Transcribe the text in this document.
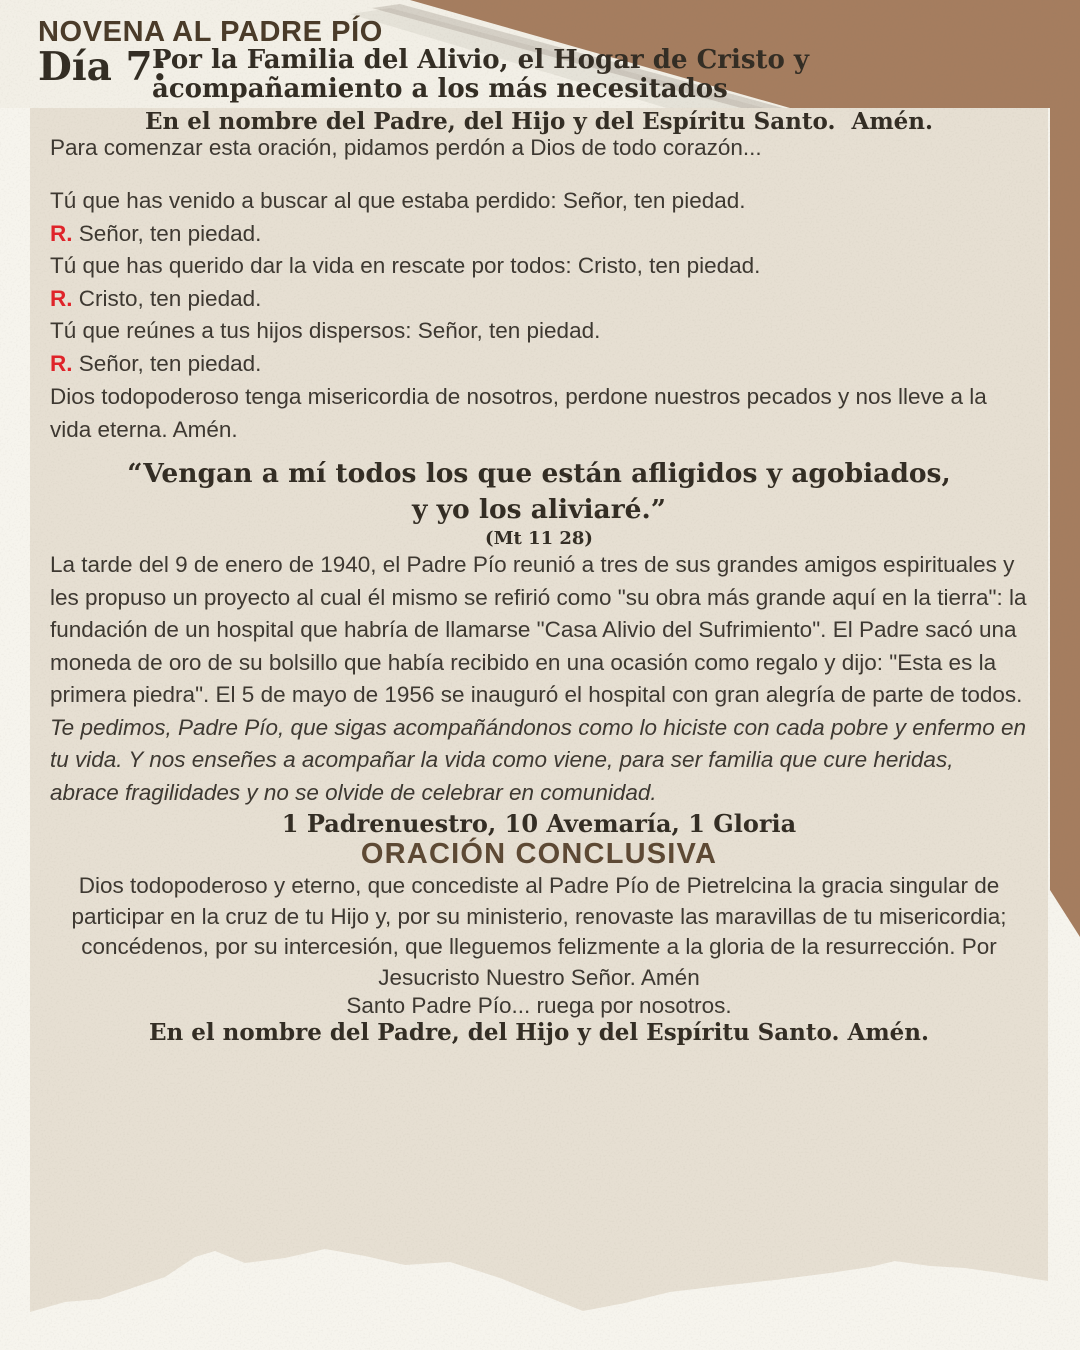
NOVENA AL PADRE PÍO
Día 7:
Por la Familia del Alivio, el Hogar de Cristo y
acompañamiento a los más necesitados

En el nombre del Padre, del Hijo y del Espíritu Santo.  Amén.

Para comenzar esta oración, pidamos perdón a Dios de todo corazón...

Tú que has venido a buscar al que estaba perdido: Señor, ten piedad.
R. Señor, ten piedad.
Tú que has querido dar la vida en rescate por todos: Cristo, ten piedad.
R. Cristo, ten piedad.
Tú que reúnes a tus hijos dispersos: Señor, ten piedad.
R. Señor, ten piedad.

Dios todopoderoso tenga misericordia de nosotros, perdone nuestros pecados y nos lleve a la vida eterna. Amén.

“Vengan a mí todos los que están afligidos y agobiados,
y yo los aliviaré.”

(Mt 11 28)

La tarde del 9 de enero de 1940, el Padre Pío reunió a tres de sus grandes amigos espirituales y les propuso un proyecto al cual él mismo se refirió como "su obra más grande aquí en la tierra": la fundación de un hospital que habría de llamarse "Casa Alivio del Sufrimiento". El Padre sacó una moneda de oro de su bolsillo que había recibido en una ocasión como regalo y dijo: "Esta es la primera piedra". El 5 de mayo de 1956 se inauguró el hospital con gran alegría de parte de todos.

Te pedimos, Padre Pío, que sigas acompañándonos como lo hiciste con cada pobre y enfermo en tu vida. Y nos enseñes a acompañar la vida como viene, para ser familia que cure heridas, abrace fragilidades y no se olvide de celebrar en comunidad.

1 Padrenuestro, 10 Avemaría, 1 Gloria

ORACIÓN CONCLUSIVA

Dios todopoderoso y eterno, que concediste al Padre Pío de Pietrelcina la gracia singular de participar en la cruz de tu Hijo y, por su ministerio, renovaste las maravillas de tu misericordia; concédenos, por su intercesión, que lleguemos felizmente a la gloria de la resurrección. Por Jesucristo Nuestro Señor. Amén

Santo Padre Pío... ruega por nosotros.

En el nombre del Padre, del Hijo y del Espíritu Santo. Amén.
